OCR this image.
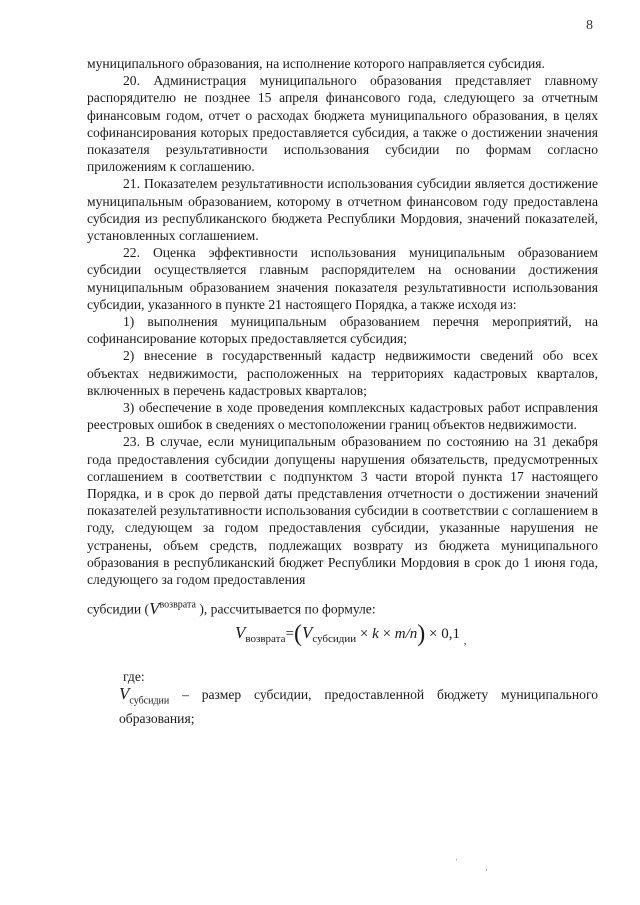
8

муниципального образования, на исполнение которого направляется субсидия.

20. Администрация муниципального образования представляет главному распорядителю не позднее 15 апреля финансового года, следующего за отчетным финансовым годом, отчет о расходах бюджета муниципального образования, в целях софинансирования которых предоставляется субсидия, а также о достижении значения показателя результативности использования субсидии по формам согласно приложениям к соглашению.

21. Показателем результативности использования субсидии является достижение муниципальным образованием, которому в отчетном финансовом году предоставлена субсидия из республиканского бюджета Республики Мордовия, значений показателей, установленных соглашением.

22. Оценка эффективности использования муниципальным образованием субсидии осуществляется главным распорядителем на основании достижения муниципальным образованием значения показателя результативности использования субсидии, указанного в пункте 21 настоящего Порядка, а также исходя из:

1) выполнения муниципальным образованием перечня мероприятий, на софинансирование которых предоставляется субсидия;

2) внесение в государственный кадастр недвижимости сведений обо всех объектах недвижимости, расположенных на территориях кадастровых кварталов, включенных в перечень кадастровых кварталов;

3) обеспечение в ходе проведения комплексных кадастровых работ исправления реестровых ошибок в сведениях о местоположении границ объектов недвижимости.

23. В случае, если муниципальным образованием по состоянию на 31 декабря года предоставления субсидии допущены нарушения обязательств, предусмотренных соглашением в соответствии с подпунктом 3 части второй пункта 17 настоящего Порядка, и в срок до первой даты представления отчетности о достижении значений показателей результативности использования субсидии в соответствии с соглашением в году, следующем за годом предоставления субсидии, указанные нарушения не устранены, объем средств, подлежащих возврату из бюджета муниципального образования в республиканский бюджет Республики Мордовия в срок до 1 июня года, следующего за годом предоставления

субсидии ($V^{возврата}$ ), рассчитывается по формуле:

$V_{возврата}=(V_{субсидии} \times k \times m/n) \times 0,1$ $_,$

где:

$V_{субсидии}$ – размер субсидии, предоставленной бюджету муниципального образования;

ˈ	ˌ
